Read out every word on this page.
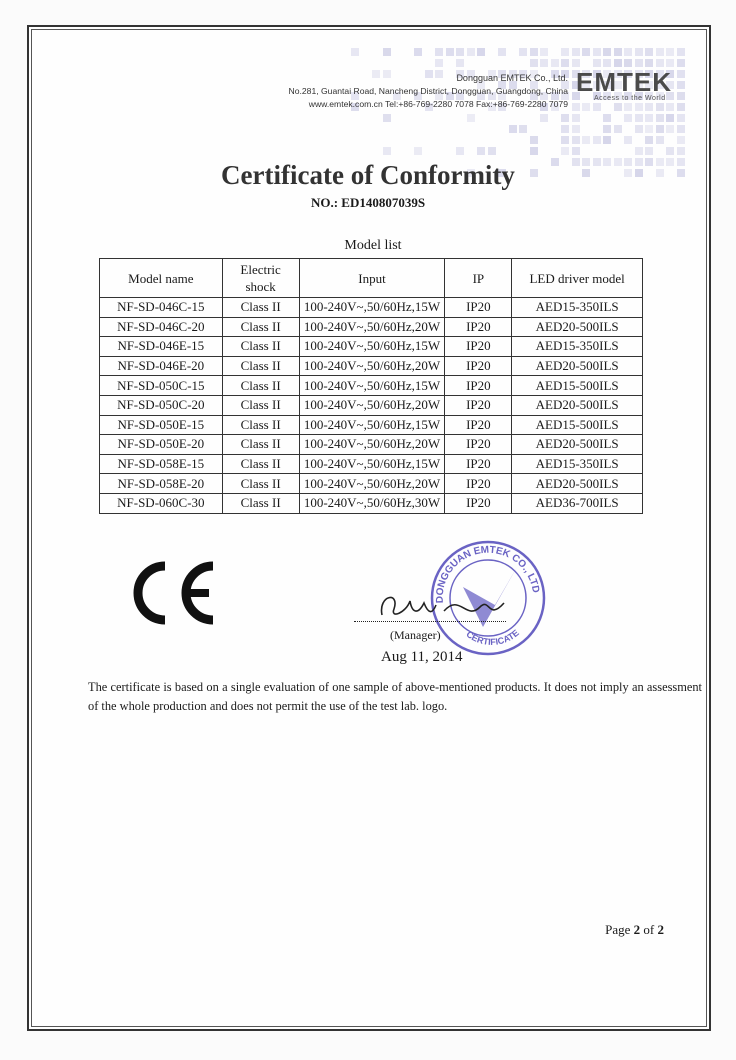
Dongguan EMTEK Co., Ltd.
No.281, Guantai Road, Nancheng District, Dongguan, Guangdong, China
www.emtek.com.cn Tel:+86-769-2280 7078 Fax:+86-769-2280 7079
EMTEK
Access to the World
Certificate of Conformity
NO.: ED140807039S
Model list
Model name	Electric shock	Input	IP	LED driver model
NF-SD-046C-15	Class II	100-240V~,50/60Hz,15W	IP20	AED15-350ILS
NF-SD-046C-20	Class II	100-240V~,50/60Hz,20W	IP20	AED20-500ILS
NF-SD-046E-15	Class II	100-240V~,50/60Hz,15W	IP20	AED15-350ILS
NF-SD-046E-20	Class II	100-240V~,50/60Hz,20W	IP20	AED20-500ILS
NF-SD-050C-15	Class II	100-240V~,50/60Hz,15W	IP20	AED15-500ILS
NF-SD-050C-20	Class II	100-240V~,50/60Hz,20W	IP20	AED20-500ILS
NF-SD-050E-15	Class II	100-240V~,50/60Hz,15W	IP20	AED15-500ILS
NF-SD-050E-20	Class II	100-240V~,50/60Hz,20W	IP20	AED20-500ILS
NF-SD-058E-15	Class II	100-240V~,50/60Hz,15W	IP20	AED15-350ILS
NF-SD-058E-20	Class II	100-240V~,50/60Hz,20W	IP20	AED20-500ILS
NF-SD-060C-30	Class II	100-240V~,50/60Hz,30W	IP20	AED36-700ILS
DONGGUAN EMTEK CO., LTD
CERTIFICATE
(Manager)
Aug 11, 2014
The certificate is based on a single evaluation of one sample of above-mentioned products. It does not imply an assessment of the whole production and does not permit the use of the test lab. logo.
Page 2 of 2
